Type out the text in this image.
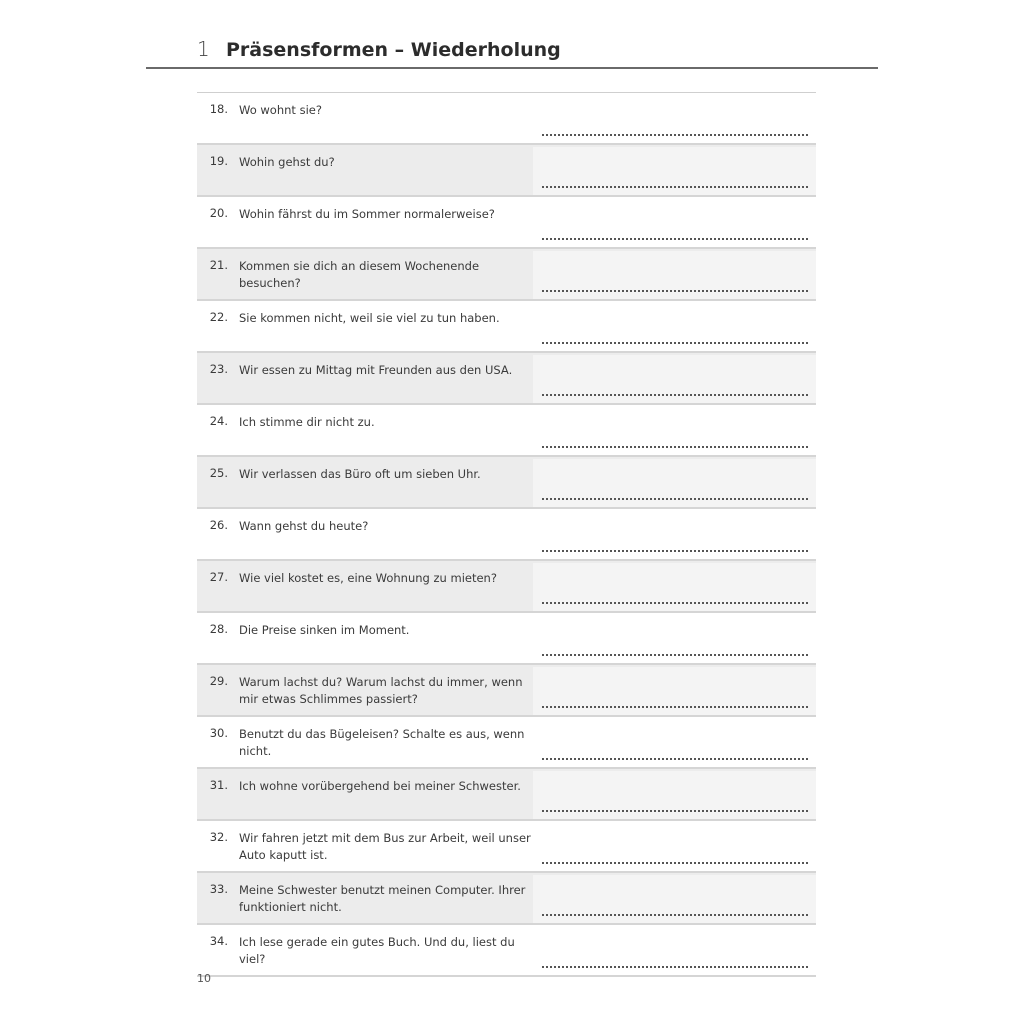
1 Präsensformen – Wiederholung
18. Wo wohnt sie?
19. Wohin gehst du?
20. Wohin fährst du im Sommer normalerweise?
21. Kommen sie dich an diesem Wochenende besuchen?
22. Sie kommen nicht, weil sie viel zu tun haben.
23. Wir essen zu Mittag mit Freunden aus den USA.
24. Ich stimme dir nicht zu.
25. Wir verlassen das Büro oft um sieben Uhr.
26. Wann gehst du heute?
27. Wie viel kostet es, eine Wohnung zu mieten?
28. Die Preise sinken im Moment.
29. Warum lachst du? Warum lachst du immer, wenn mir etwas Schlimmes passiert?
30. Benutzt du das Bügeleisen? Schalte es aus, wenn nicht.
31. Ich wohne vorübergehend bei meiner Schwester.
32. Wir fahren jetzt mit dem Bus zur Arbeit, weil unser Auto kaputt ist.
33. Meine Schwester benutzt meinen Computer. Ihrer funktioniert nicht.
34. Ich lese gerade ein gutes Buch. Und du, liest du viel?
10
